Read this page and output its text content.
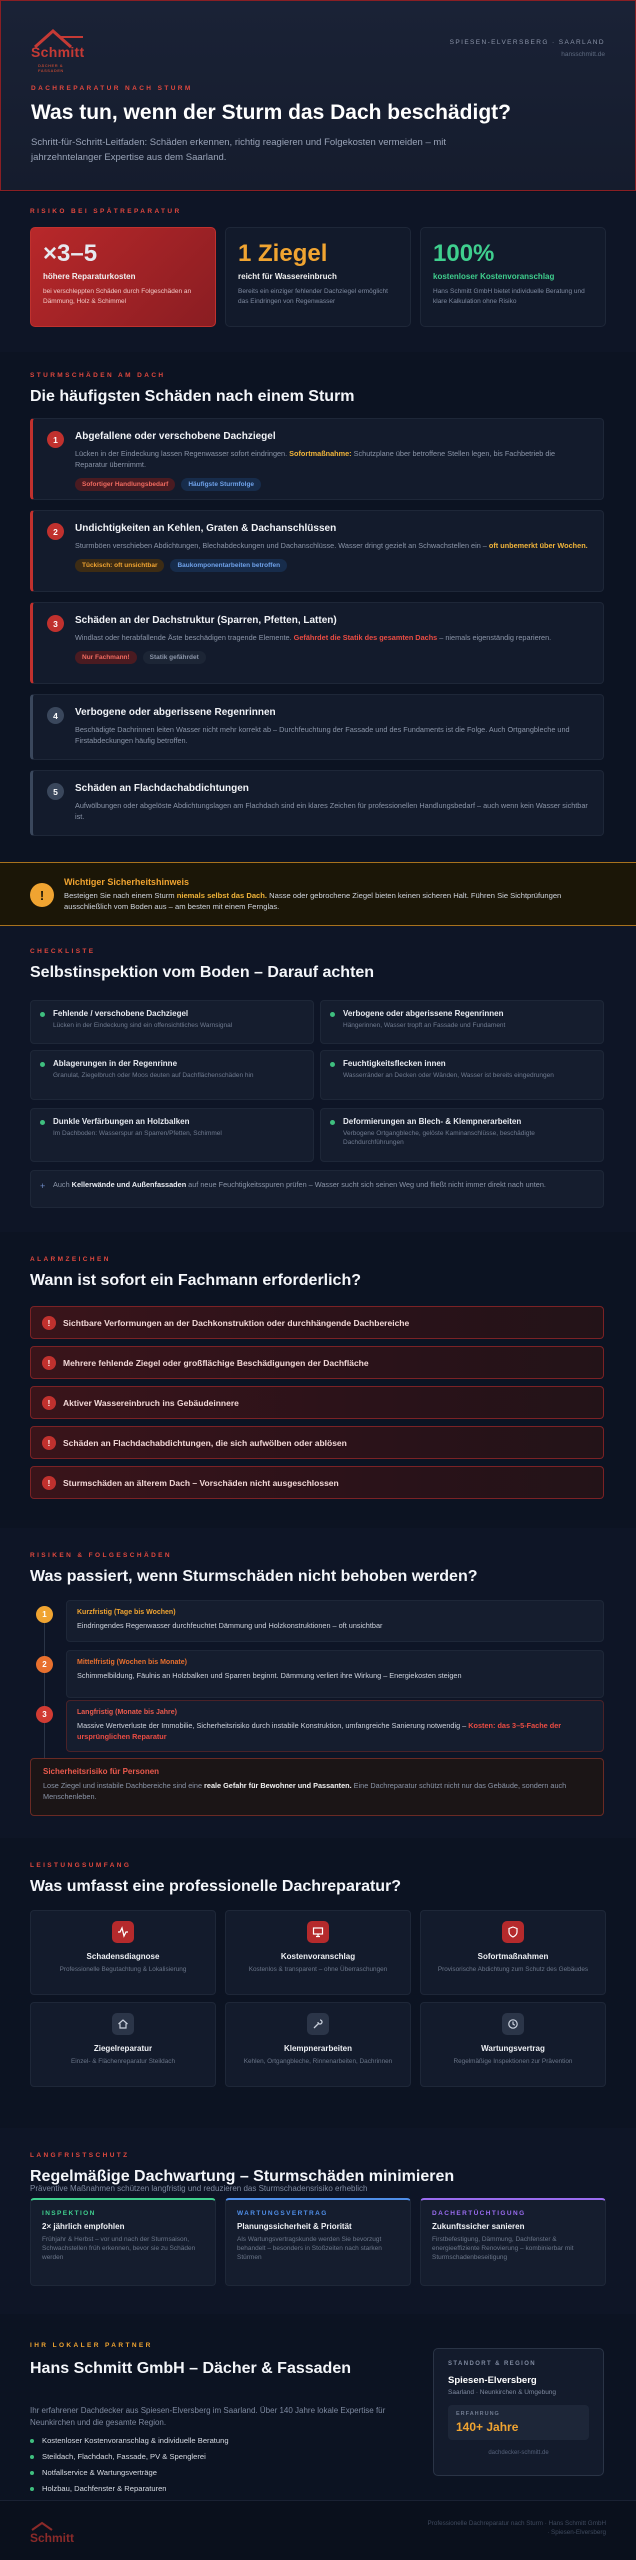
Schmitt
DÄCHER & FASSADEN
SPIESEN-ELVERSBERG · SAARLAND
hansschmitt.de
DACHREPARATUR NACH STURM
Was tun, wenn der Sturm das Dach beschädigt?

Schritt-für-Schritt-Leitfaden: Schäden erkennen, richtig reagieren und Folgekosten vermeiden – mit jahrzehntelanger Expertise aus dem Saarland.

RISIKO BEI SPÄTREPARATUR
×3–5
höhere Reparaturkosten
bei verschleppten Schäden durch Folgeschäden an Dämmung, Holz & Schimmel
1 Ziegel
reicht für Wassereinbruch
Bereits ein einziger fehlender Dachziegel ermöglicht das Eindringen von Regenwasser
100%
kostenloser Kostenvoranschlag
Hans Schmitt GmbH bietet individuelle Beratung und klare Kalkulation ohne Risiko
STURMSCHÄDEN AM DACH
Die häufigsten Schäden nach einem Sturm
1	Abgefallene oder verschobene Dachziegel
Lücken in der Eindeckung lassen Regenwasser sofort eindringen. Sofortmaßnahme: Schutzplane über betroffene Stellen legen, bis Fachbetrieb die Reparatur übernimmt.
Sofortiger Handlungsbedarf	Häufigste Sturmfolge
2	Undichtigkeiten an Kehlen, Graten & Dachanschlüssen
Sturmböen verschieben Abdichtungen, Blechabdeckungen und Dachanschlüsse. Wasser dringt gezielt an Schwachstellen ein – oft unbemerkt über Wochen.
Tückisch: oft unsichtbar	Baukomponentarbeiten betroffen
3	Schäden an der Dachstruktur (Sparren, Pfetten, Latten)
Windlast oder herabfallende Äste beschädigen tragende Elemente. Gefährdet die Statik des gesamten Dachs – niemals eigenständig reparieren.
Nur Fachmann!	Statik gefährdet
4	Verbogene oder abgerissene Regenrinnen
Beschädigte Dachrinnen leiten Wasser nicht mehr korrekt ab – Durchfeuchtung der Fassade und des Fundaments ist die Folge. Auch Ortgangbleche und Firstabdeckungen häufig betroffen.
5	Schäden an Flachdachabdichtungen
Aufwölbungen oder abgelöste Abdichtungslagen am Flachdach sind ein klares Zeichen für professionellen Handlungsbedarf – auch wenn kein Wasser sichtbar ist.
!
Wichtiger Sicherheitshinweis
Besteigen Sie nach einem Sturm niemals selbst das Dach. Nasse oder gebrochene Ziegel bieten keinen sicheren Halt. Führen Sie Sichtprüfungen ausschließlich vom Boden aus – am besten mit einem Fernglas.
CHECKLISTE
Selbstinspektion vom Boden – Darauf achten
Fehlende / verschobene Dachziegel
Lücken in der Eindeckung sind ein offensichtliches Warnsignal
Verbogene oder abgerissene Regenrinnen
Hängerinnen, Wasser tropft an Fassade und Fundament
Ablagerungen in der Regenrinne
Granulat, Ziegelbruch oder Moos deuten auf Dachflächenschäden hin
Feuchtigkeitsflecken innen
Wasserränder an Decken oder Wänden, Wasser ist bereits eingedrungen
Dunkle Verfärbungen an Holzbalken
Im Dachboden: Wasserspur an Sparren/Pfetten, Schimmel
Deformierungen an Blech- & Klempnerarbeiten
Verbogene Ortgangbleche, gelöste Kaminanschlüsse, beschädigte Dachdurchführungen
+ Auch Kellerwände und Außenfassaden auf neue Feuchtigkeitsspuren prüfen – Wasser sucht sich seinen Weg und fließt nicht immer direkt nach unten.
ALARMZEICHEN
Wann ist sofort ein Fachmann erforderlich?
!	Sichtbare Verformungen an der Dachkonstruktion oder durchhängende Dachbereiche
!	Mehrere fehlende Ziegel oder großflächige Beschädigungen der Dachfläche
!	Aktiver Wassereinbruch ins Gebäudeinnere
!	Schäden an Flachdachabdichtungen, die sich aufwölben oder ablösen
!	Sturmschäden an älterem Dach – Vorschäden nicht ausgeschlossen
RISIKEN & FOLGESCHÄDEN
Was passiert, wenn Sturmschäden nicht behoben werden?
1	Kurzfristig (Tage bis Wochen)
Eindringendes Regenwasser durchfeuchtet Dämmung und Holzkonstruktionen – oft unsichtbar
2	Mittelfristig (Wochen bis Monate)
Schimmelbildung, Fäulnis an Holzbalken und Sparren beginnt. Dämmung verliert ihre Wirkung – Energiekosten steigen
3	Langfristig (Monate bis Jahre)
Massive Wertverluste der Immobilie, Sicherheitsrisiko durch instabile Konstruktion, umfangreiche Sanierung notwendig – Kosten: das 3–5-Fache der ursprünglichen Reparatur
Sicherheitsrisiko für Personen
Lose Ziegel und instabile Dachbereiche sind eine reale Gefahr für Bewohner und Passanten. Eine Dachreparatur schützt nicht nur das Gebäude, sondern auch Menschenleben.
LEISTUNGSUMFANG
Was umfasst eine professionelle Dachreparatur?
Schadensdiagnose
Professionelle Begutachtung & Lokalisierung
Kostenvoranschlag
Kostenlos & transparent – ohne Überraschungen
Sofortmaßnahmen
Provisorische Abdichtung zum Schutz des Gebäudes
Ziegelreparatur
Einzel- & Flächenreparatur Steildach
Klempnerarbeiten
Kehlen, Ortgangbleche, Rinnenarbeiten, Dachrinnen
Wartungsvertrag
Regelmäßige Inspektionen zur Prävention
LANGFRISTSCHUTZ
Regelmäßige Dachwartung – Sturmschäden minimieren
Präventive Maßnahmen schützen langfristig und reduzieren das Sturmschadensrisiko erheblich
INSPEKTION
2× jährlich empfohlen
Frühjahr & Herbst – vor und nach der Sturmsaison, Schwachstellen früh erkennen, bevor sie zu Schäden werden
WARTUNGSVERTRAG
Planungssicherheit & Priorität
Als Wartungsvertragskunde werden Sie bevorzugt behandelt – besonders in Stoßzeiten nach starken Stürmen
DACHERTÜCHTIGUNG
Zukunftssicher sanieren
Firstbefestigung, Dämmung, Dachfenster & energieeffiziente Renovierung – kombinierbar mit Sturmschadenbeseitigung
IHR LOKALER PARTNER
Hans Schmitt GmbH – Dächer & Fassaden

Ihr erfahrener Dachdecker aus Spiesen-Elversberg im Saarland. Über 140 Jahre lokale Expertise für Neunkirchen und die gesamte Region.

Kostenloser Kostenvoranschlag & individuelle Beratung
Steildach, Flachdach, Fassade, PV & Spenglerei
Notfallservice & Wartungsverträge
Holzbau, Dachfenster & Reparaturen
STANDORT & REGION
Spiesen-Elversberg
Saarland · Neunkirchen & Umgebung
ERFAHRUNG
140+ Jahre
dachdecker-schmitt.de
Schmitt
Professionelle Dachreparatur nach Sturm · Hans Schmitt GmbH · Spiesen-Elversberg
